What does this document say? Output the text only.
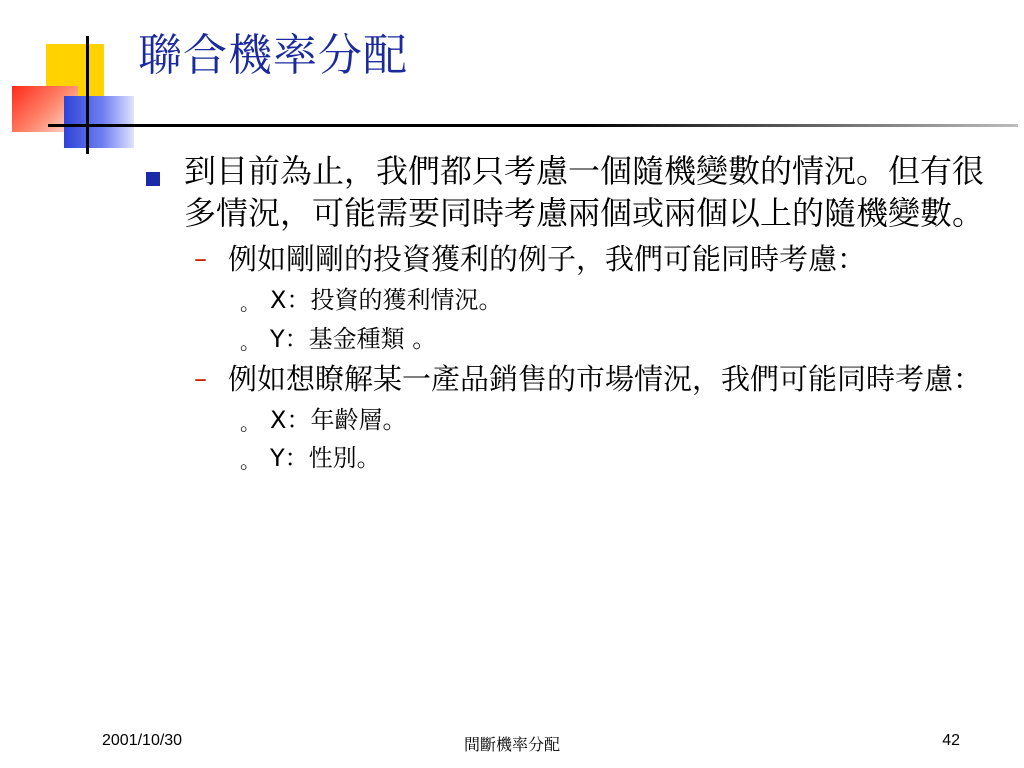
聯合機率分配
到目前為止，我們都只考慮一個隨機變數的情況。但有很多情況，可能需要同時考慮兩個或兩個以上的隨機變數。
– 例如剛剛的投資獲利的例子，我們可能同時考慮：
。 X：投資的獲利情況。
。 Y：基金種類 。
– 例如想瞭解某一產品銷售的市場情況，我們可能同時考慮：
。 X：年齡層。
。 Y：性別。
2001/10/30	間斷機率分配	42
